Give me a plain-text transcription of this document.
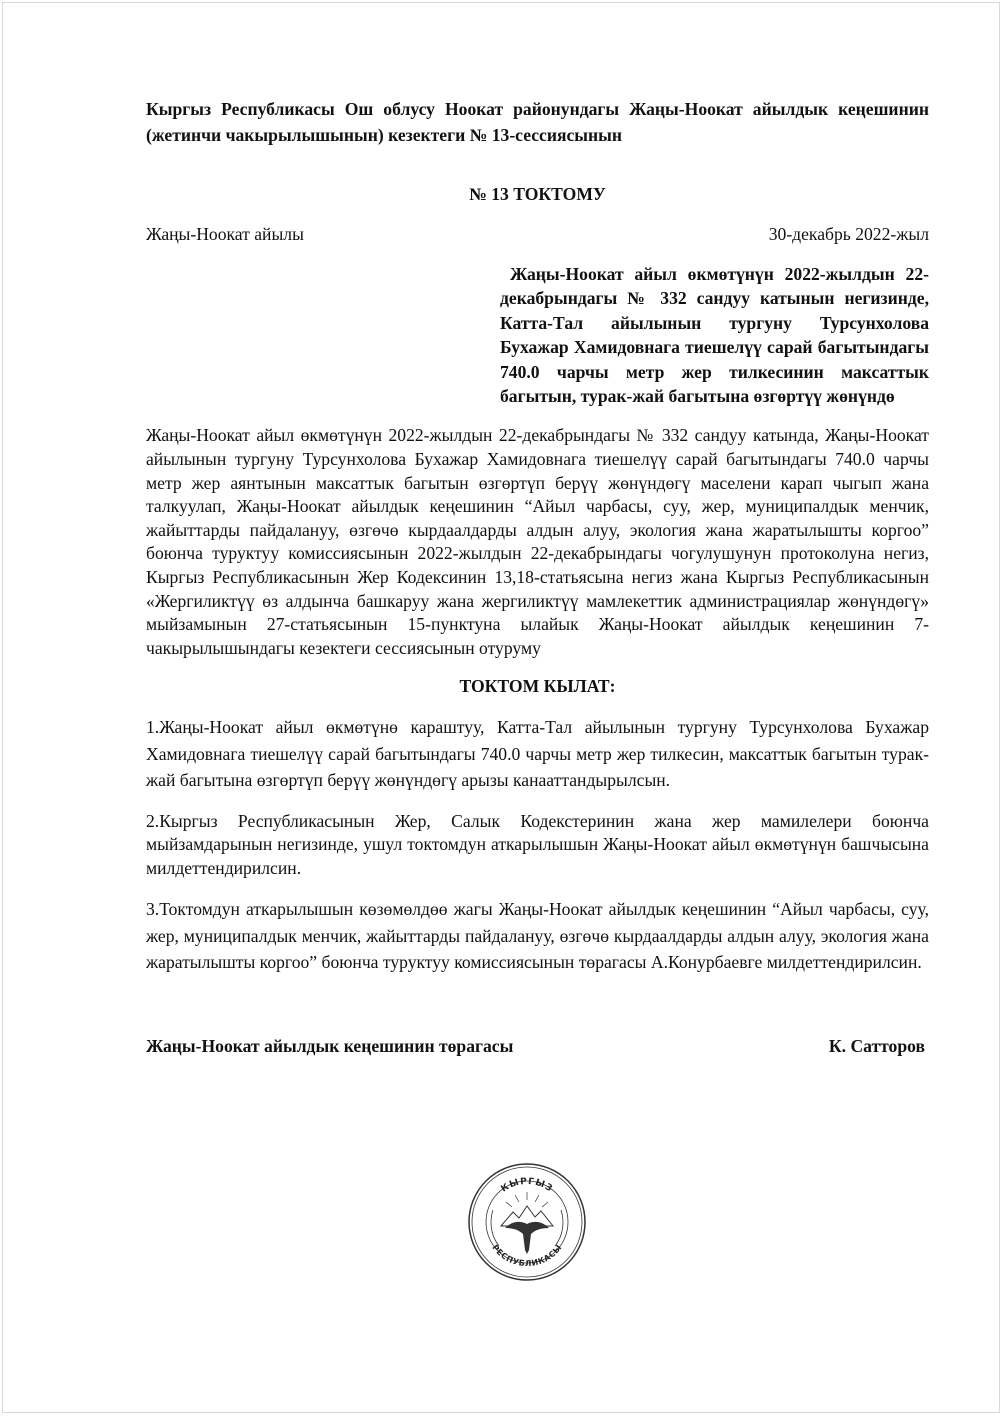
Кыргыз Республикасы Ош облусу Ноокат районундагы Жаңы-Ноокат айылдык кеңешинин (жетинчи чакырылышынын) кезектеги № 13-сессиясынын

№ 13 ТОКТОМУ
Жаңы-Ноокат айылы	30-декабрь 2022-жыл
Жаңы-Ноокат айыл өкмөтүнүн 2022-жылдын 22-декабрындагы № 332 сандуу катынын негизинде, Катта-Тал айылынын тургуну Турсунхолова Бухажар Хамидовнага тиешелүү сарай багытындагы 740.0 чарчы метр жер тилкесинин максаттык багытын, турак-жай багытына өзгөртүү жөнүндө
Жаңы-Ноокат айыл өкмөтүнүн 2022-жылдын 22-декабрындагы № 332 сандуу катында, Жаңы-Ноокат айылынын тургуну Турсунхолова Бухажар Хамидовнага тиешелүү сарай багытындагы 740.0 чарчы метр жер аянтынын максаттык багытын өзгөртүп берүү жөнүндөгү маселени карап чыгып жана талкуулап, Жаңы-Ноокат айылдык кеңешинин “Айыл чарбасы, суу, жер, муниципалдык менчик, жайыттарды пайдалануу, өзгөчө кырдаалдарды алдын алуу, экология жана жаратылышты коргоо” боюнча туруктуу комиссиясынын 2022-жылдын 22-декабрындагы чогулушунун протоколуна негиз, Кыргыз Республикасынын Жер Кодексинин 13,18-статьясына негиз жана Кыргыз Республикасынын «Жергиликтүү өз алдынча башкаруу жана жергиликтүү мамлекеттик администрациялар жөнүндөгү» мыйзамынын 27-статьясынын 15-пунктуна ылайык Жаңы-Ноокат айылдык кеңешинин 7-чакырылышындагы кезектеги сессиясынын отуруму
ТОКТОМ КЫЛАТ:
1.Жаңы-Ноокат айыл өкмөтүнө караштуу, Катта-Тал айылынын тургуну Турсунхолова Бухажар Хамидовнага тиешелүү сарай багытындагы 740.0 чарчы метр жер тилкесин, максаттык багытын турак-жай багытына өзгөртүп берүү жөнүндөгү арызы канааттандырылсын.
2.Кыргыз Республикасынын Жер, Салык Кодекстеринин жана жер мамилелери боюнча мыйзамдарынын негизинде, ушул токтомдун аткарылышын Жаңы-Ноокат айыл өкмөтүнүн башчысына милдеттендирилсин.
3.Токтомдун аткарылышын көзөмөлдөө жагы Жаңы-Ноокат айылдык кеңешинин “Айыл чарбасы, суу, жер, муниципалдык менчик, жайыттарды пайдалануу, өзгөчө кырдаалдарды алдын алуу, экология жана жаратылышты коргоо” боюнча туруктуу комиссиясынын төрагасы А.Конурбаевге милдеттендирилсин.
Жаңы-Ноокат айылдык кеңешинин төрагасы	К. Сатторов
КЫРГЫЗ
РЕСПУБЛИКАСЫ
